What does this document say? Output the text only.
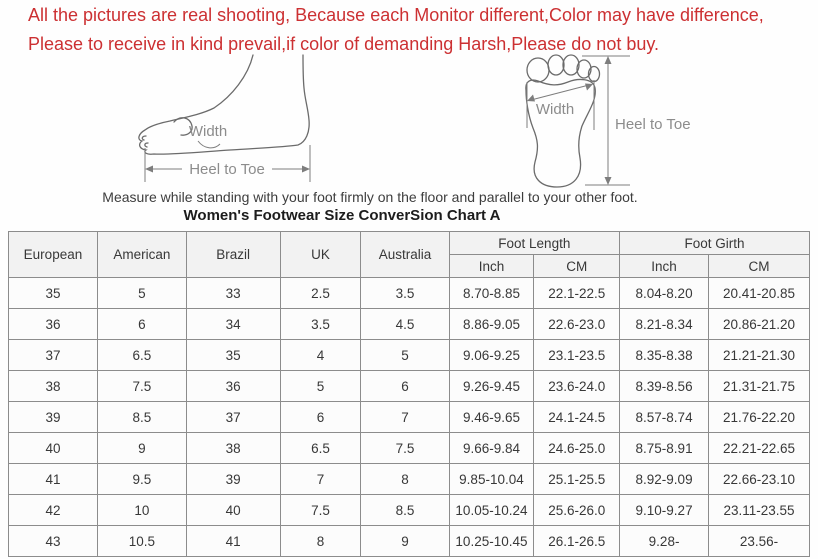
All the pictures are real shooting, Because each Monitor different,Color may have difference,
Please to receive in kind prevail,if color of demanding Harsh,Please do not buy.
Width
Heel to Toe
Width
Heel to Toe
Measure while standing with your foot firmly on the floor and parallel to your other foot.
Women's Footwear Size ConverSion Chart A
European	American	Brazil	UK	Australia	Foot Length		Foot Girth	
					Inch	CM	Inch	CM
35	5	33	2.5	3.5	8.70-8.85	22.1-22.5	8.04-8.20	20.41-20.85
36	6	34	3.5	4.5	8.86-9.05	22.6-23.0	8.21-8.34	20.86-21.20
37	6.5	35	4	5	9.06-9.25	23.1-23.5	8.35-8.38	21.21-21.30
38	7.5	36	5	6	9.26-9.45	23.6-24.0	8.39-8.56	21.31-21.75
39	8.5	37	6	7	9.46-9.65	24.1-24.5	8.57-8.74	21.76-22.20
40	9	38	6.5	7.5	9.66-9.84	24.6-25.0	8.75-8.91	22.21-22.65
41	9.5	39	7	8	9.85-10.04	25.1-25.5	8.92-9.09	22.66-23.10
42	10	40	7.5	8.5	10.05-10.24	25.6-26.0	9.10-9.27	23.11-23.55
43	10.5	41	8	9	10.25-10.45	26.1-26.5	9.28-	23.56-
